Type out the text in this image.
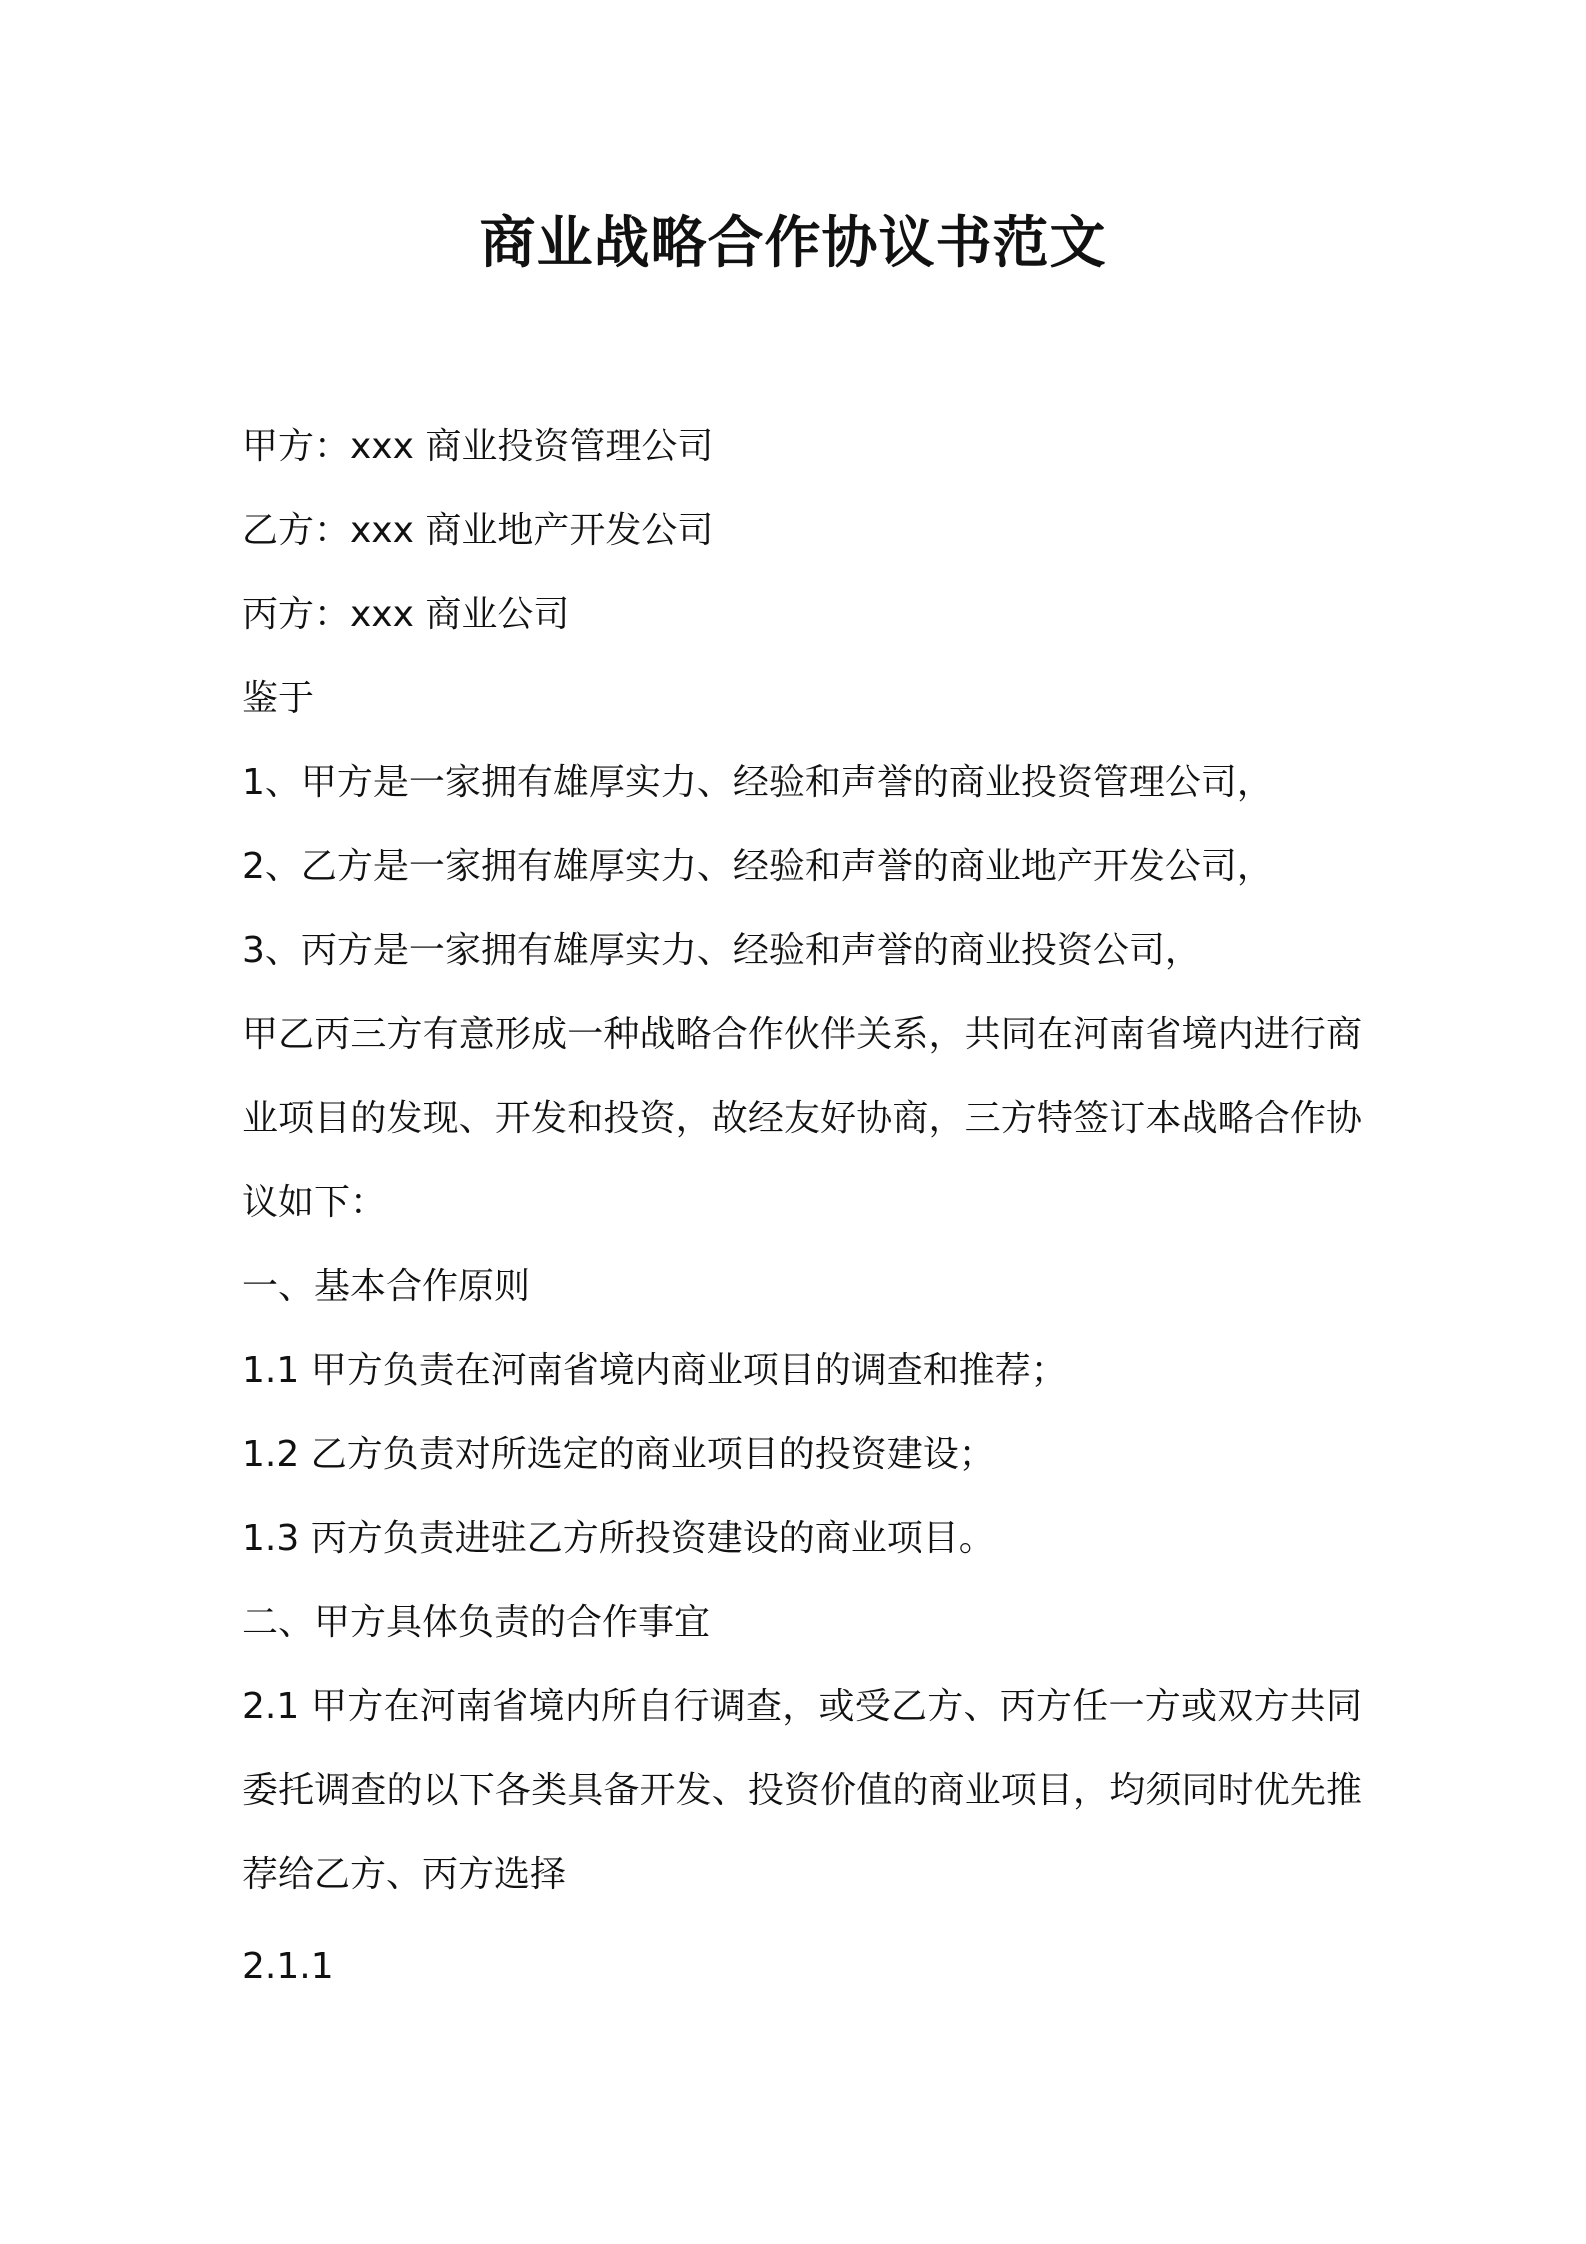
商业战略合作协议书范文
甲方：xxx 商业投资管理公司
乙方：xxx 商业地产开发公司
丙方：xxx 商业公司
鉴于
1、甲方是一家拥有雄厚实力、经验和声誉的商业投资管理公司，
2、乙方是一家拥有雄厚实力、经验和声誉的商业地产开发公司，
3、丙方是一家拥有雄厚实力、经验和声誉的商业投资公司，
甲乙丙三方有意形成一种战略合作伙伴关系，共同在河南省境内进行商业项目的发现、开发和投资，故经友好协商，三方特签订本战略合作协议如下：
一、基本合作原则
1.1 甲方负责在河南省境内商业项目的调查和推荐；
1.2 乙方负责对所选定的商业项目的投资建设；
1.3 丙方负责进驻乙方所投资建设的商业项目。
二、甲方具体负责的合作事宜
2.1 甲方在河南省境内所自行调查，或受乙方、丙方任一方或双方共同委托调查的以下各类具备开发、投资价值的商业项目，均须同时优先推荐给乙方、丙方选择
2.1.1
